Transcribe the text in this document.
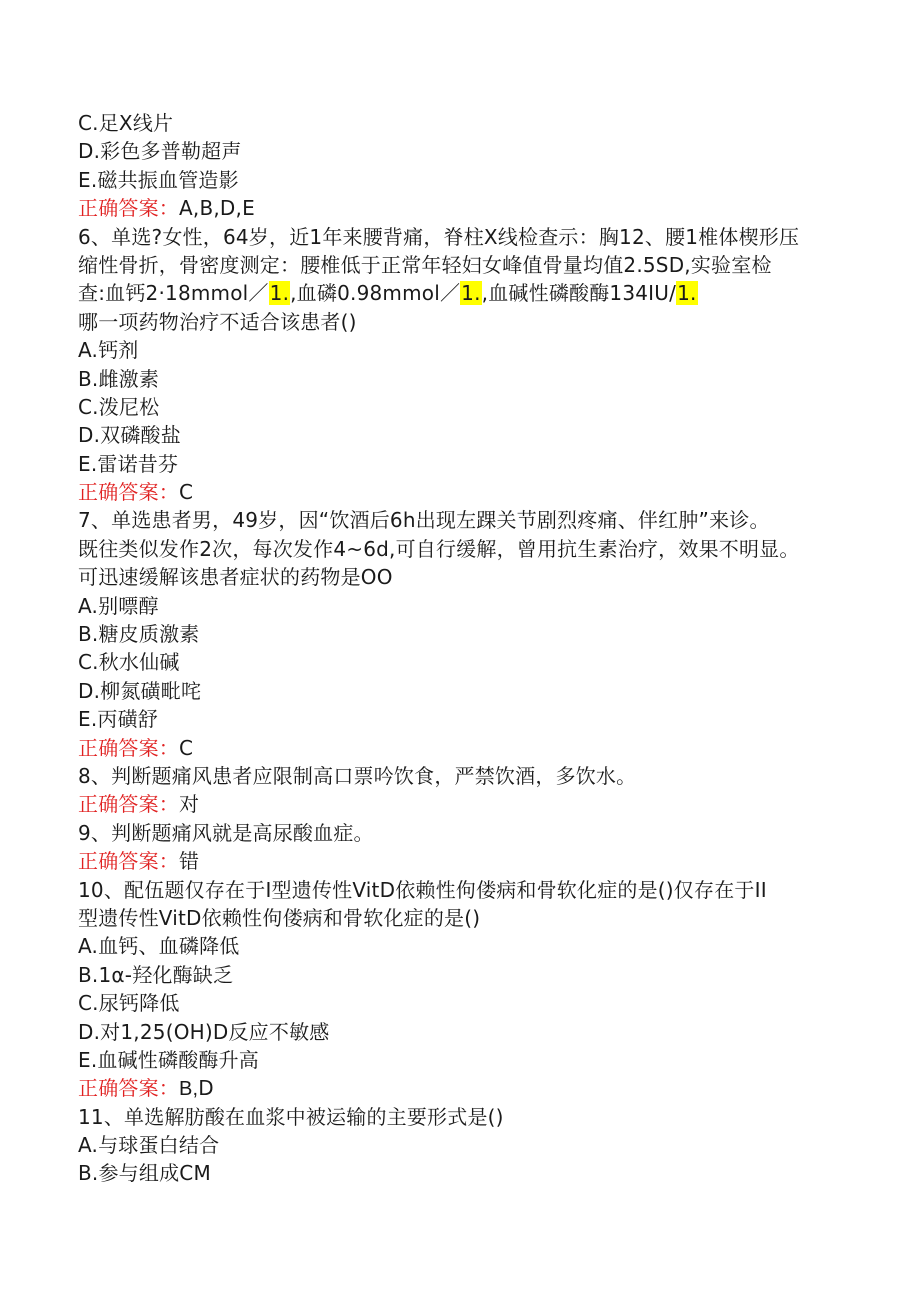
C.足X线片
D.彩色多普勒超声
E.磁共振血管造影
正确答案：A,B,D,E
6、单选?女性，64岁，近1年来腰背痛，脊柱X线检查示：胸12、腰1椎体楔形压
缩性骨折，骨密度测定：腰椎低于正常年轻妇女峰值骨量均值2.5SD,实验室检
查:血钙2·18mmol／1.,血磷0.98mmol／1.,血碱性磷酸酶134IU/1.
哪一项药物治疗不适合该患者()
A.钙剂
B.雌激素
C.泼尼松
D.双磷酸盐
E.雷诺昔芬
正确答案：C
7、单选患者男，49岁，因“饮酒后6h出现左踝关节剧烈疼痛、伴红肿”来诊。
既往类似发作2次，每次发作4~6d,可自行缓解，曾用抗生素治疗，效果不明显。
可迅速缓解该患者症状的药物是OO
A.别嘌醇
B.糖皮质激素
C.秋水仙碱
D.柳氮磺毗咤
E.丙磺舒
正确答案：C
8、判断题痛风患者应限制高口票吟饮食，严禁饮酒，多饮水。
正确答案：对
9、判断题痛风就是高尿酸血症。
正确答案：错
10、配伍题仅存在于I型遗传性VitD依赖性佝偻病和骨软化症的是()仅存在于II
型遗传性VitD依赖性佝偻病和骨软化症的是()
A.血钙、血磷降低
B.1α-羟化酶缺乏
C.尿钙降低
D.对1,25(OH)D反应不敏感
E.血碱性磷酸酶升高
正确答案：B,D
11、单选解肪酸在血浆中被运输的主要形式是()
A.与球蛋白结合
B.参与组成CM
